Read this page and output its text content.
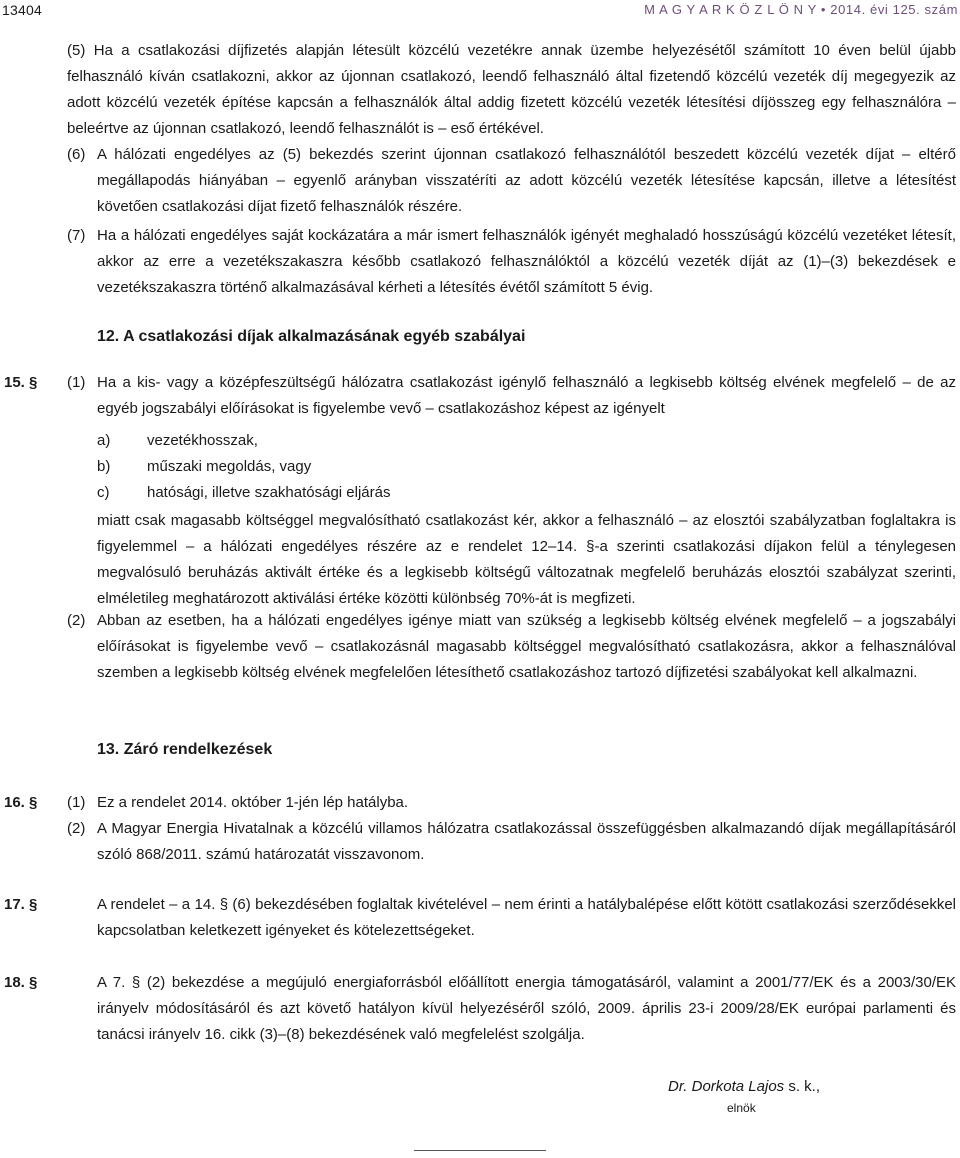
13404	M A G Y A R K Ö Z L Ö N Y • 2014. évi 125. szám
(5) Ha a csatlakozási díjfizetés alapján létesült közcélú vezetékre annak üzembe helyezésétől számított 10 éven belül újabb felhasználó kíván csatlakozni, akkor az újonnan csatlakozó, leendő felhasználó által fizetendő közcélú vezeték díj megegyezik az adott közcélú vezeték építése kapcsán a felhasználók által addig fizetett közcélú vezeték létesítési díjösszeg egy felhasználóra – beleértve az újonnan csatlakozó, leendő felhasználót is – eső értékével.
(6) A hálózati engedélyes az (5) bekezdés szerint újonnan csatlakozó felhasználótól beszedett közcélú vezeték díjat – eltérő megállapodás hiányában – egyenlő arányban visszatéríti az adott közcélú vezeték létesítése kapcsán, illetve a létesítést követően csatlakozási díjat fizető felhasználók részére.
(7) Ha a hálózati engedélyes saját kockázatára a már ismert felhasználók igényét meghaladó hosszúságú közcélú vezetéket létesít, akkor az erre a vezetékszakaszra később csatlakozó felhasználóktól a közcélú vezeték díját az (1)–(3) bekezdések e vezetékszakaszra történő alkalmazásával kérheti a létesítés évétől számított 5 évig.
12. A csatlakozási díjak alkalmazásának egyéb szabályai
15. § (1) Ha a kis- vagy a középfeszültségű hálózatra csatlakozást igénylő felhasználó a legkisebb költség elvének megfelelő – de az egyéb jogszabályi előírásokat is figyelembe vevő – csatlakozáshoz képest az igényelt
a) vezetékhosszak,
b) műszaki megoldás, vagy
c)	hatósági, illetve szakhatósági eljárás
miatt csak magasabb költséggel megvalósítható csatlakozást kér, akkor a felhasználó – az elosztói szabályzatban foglaltakra is figyelemmel – a hálózati engedélyes részére az e rendelet 12–14. §-a szerinti csatlakozási díjakon felül a ténylegesen megvalósuló beruházás aktivált értéke és a legkisebb költségű változatnak megfelelő beruházás elosztói szabályzat szerinti, elméletileg meghatározott aktiválási értéke közötti különbség 70%-át is megfizeti.
(2) Abban az esetben, ha a hálózati engedélyes igénye miatt van szükség a legkisebb költség elvének megfelelő – a jogszabályi előírásokat is figyelembe vevő – csatlakozásnál magasabb költséggel megvalósítható csatlakozásra, akkor a felhasználóval szemben a legkisebb költség elvének megfelelően létesíthető csatlakozáshoz tartozó díjfizetési szabályokat kell alkalmazni.
13. Záró rendelkezések
16. § (1) Ez a rendelet 2014. október 1-jén lép hatályba.
(2) A Magyar Energia Hivatalnak a közcélú villamos hálózatra csatlakozással összefüggésben alkalmazandó díjak megállapításáról szóló 868/2011. számú határozatát visszavonom.
17. §	A rendelet – a 14. § (6) bekezdésében foglaltak kivételével – nem érinti a hatálybalépése előtt kötött csatlakozási szerződésekkel kapcsolatban keletkezett igényeket és kötelezettségeket.
18. §	A 7. § (2) bekezdése a megújuló energiaforrásból előállított energia támogatásáról, valamint a 2001/77/EK és a 2003/30/EK irányelv módosításáról és azt követő hatályon kívül helyezéséről szóló, 2009. április 23-i 2009/28/EK európai parlamenti és tanácsi irányelv 16. cikk (3)–(8) bekezdésének való megfelelést szolgálja.
Dr. Dorkota Lajos s. k.,
elnök
